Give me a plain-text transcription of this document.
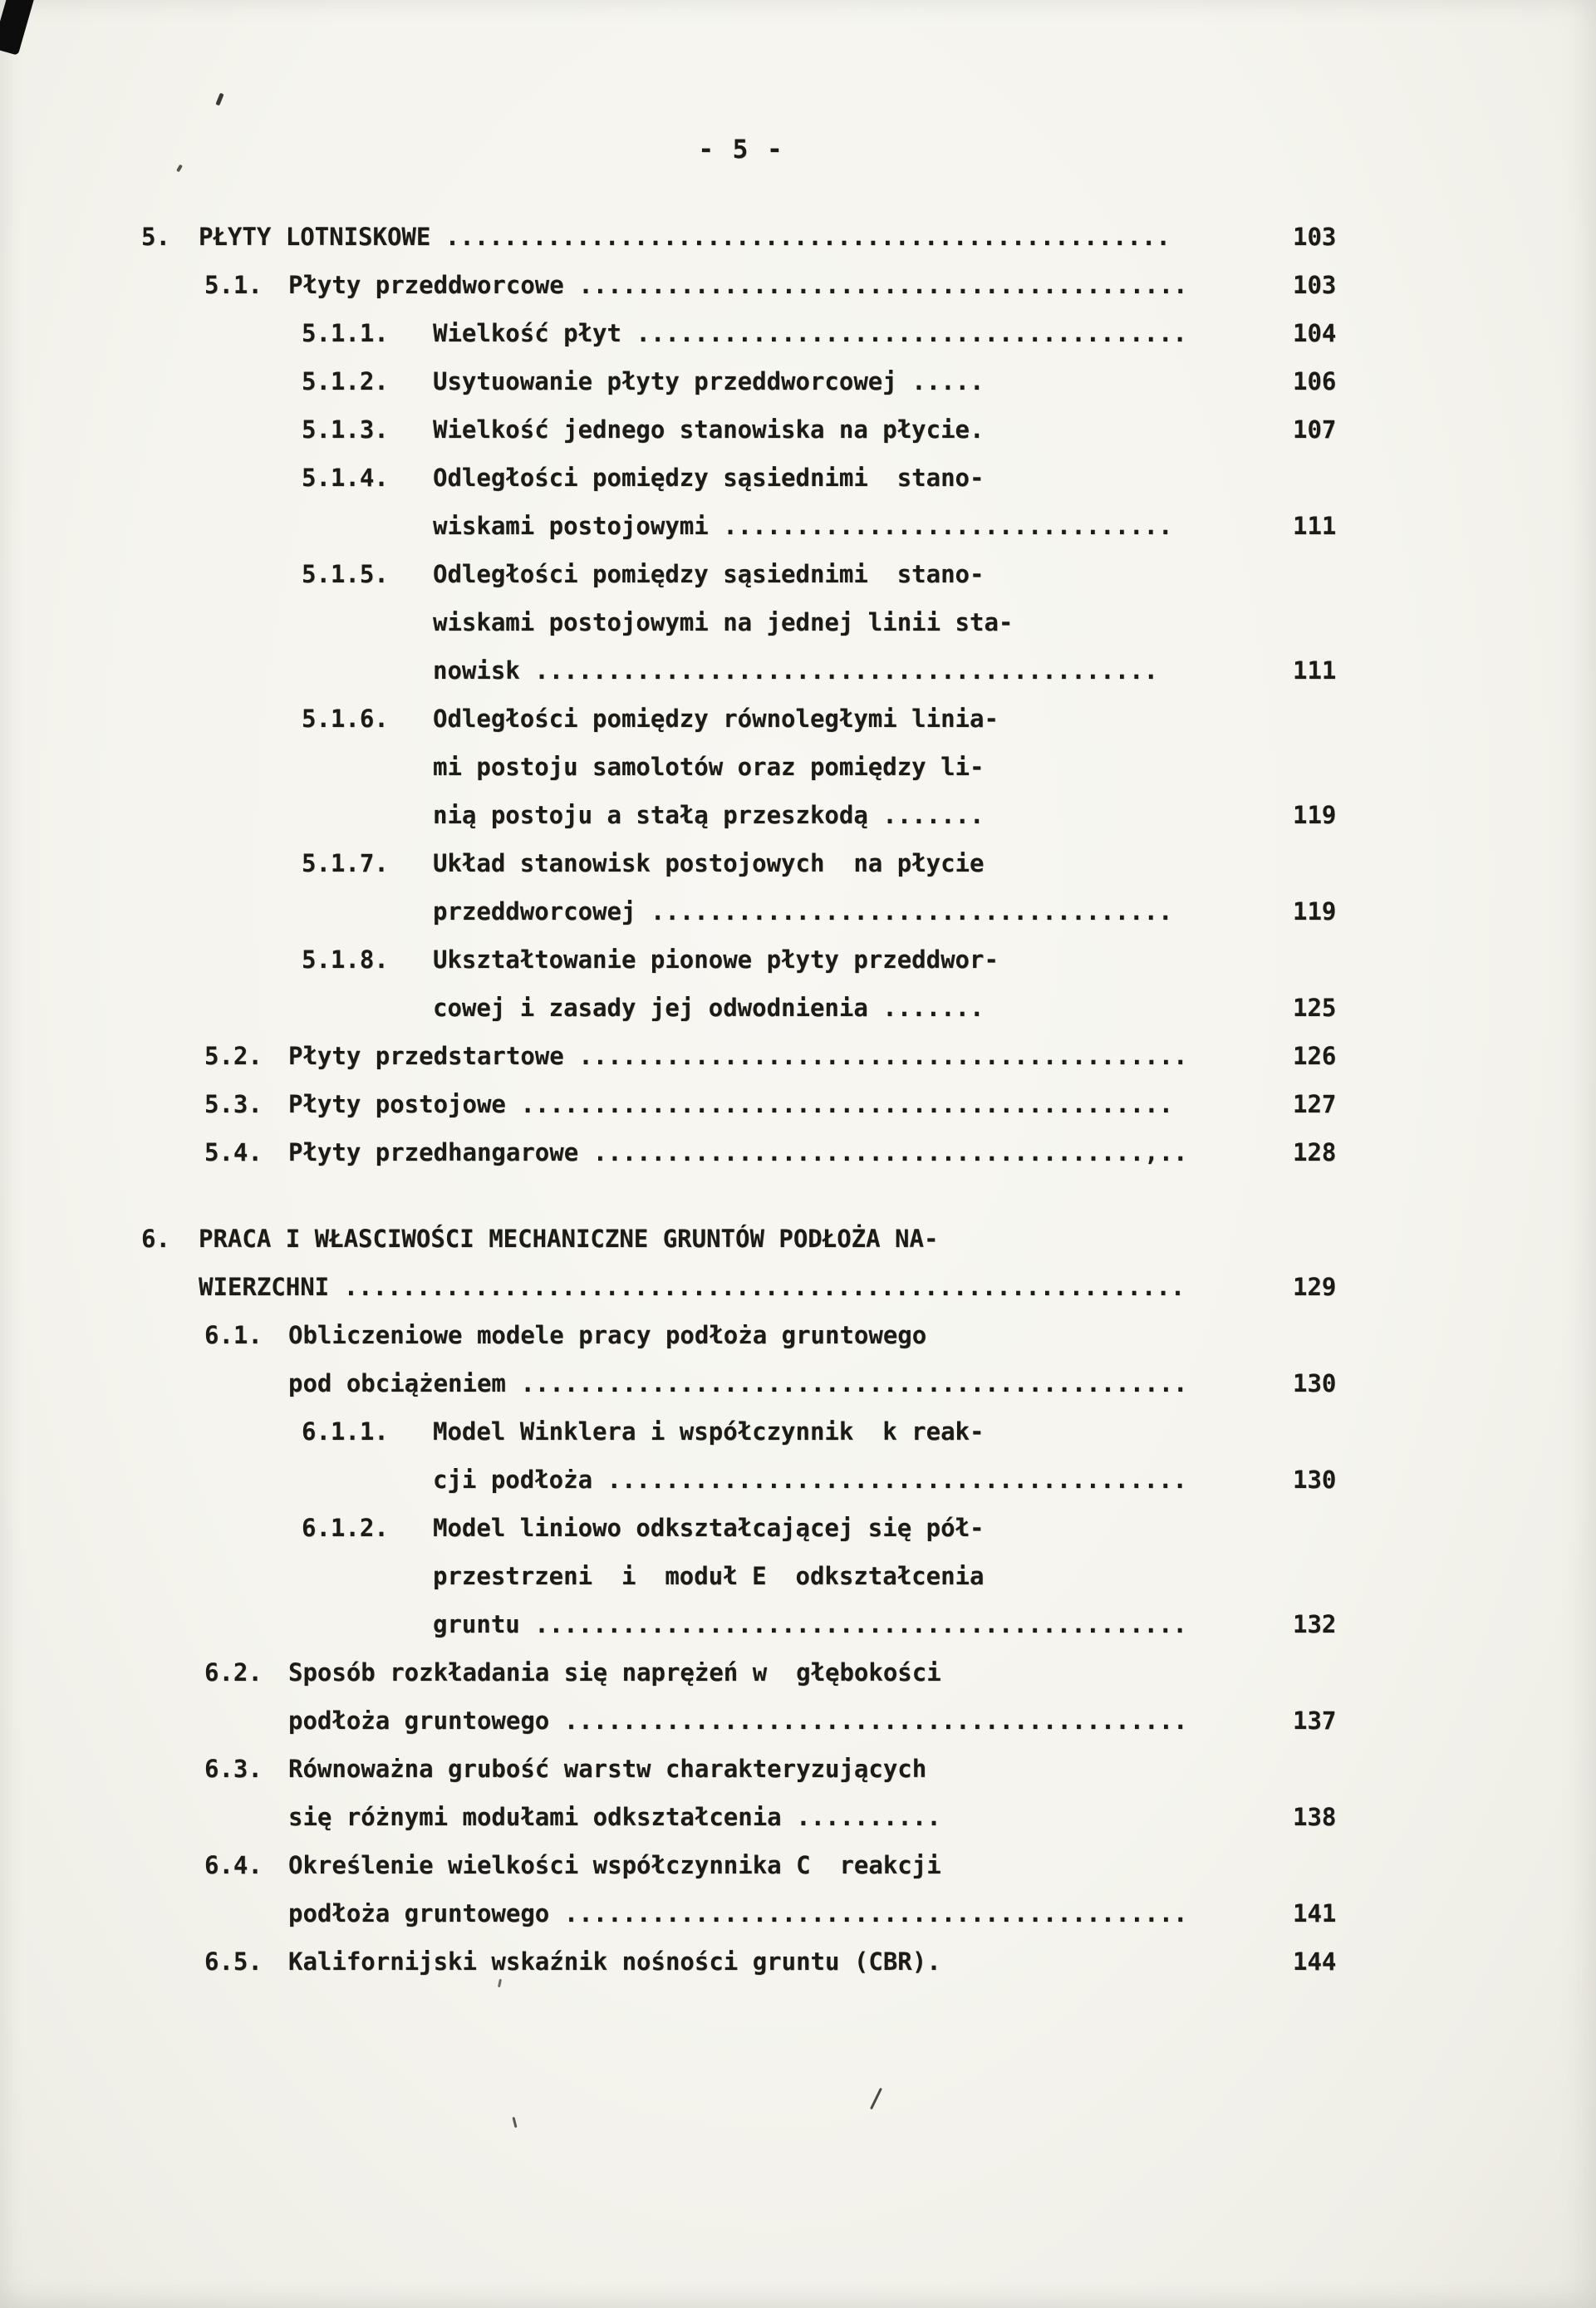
- 5 -
5. PŁYTY LOTNISKOWE ..................................................	103
5.1. Płyty przeddworcowe ..........................................	103
5.1.1. Wielkość płyt ......................................	104
5.1.2. Usytuowanie płyty przeddworcowej .....	106
5.1.3. Wielkość jednego stanowiska na płycie.	107
5.1.4. Odległości pomiędzy sąsiednimi  stano-
wiskami postojowymi ...............................	111
5.1.5. Odległości pomiędzy sąsiednimi  stano-
wiskami postojowymi na jednej linii sta-
nowisk ...........................................	111
5.1.6. Odległości pomiędzy równoległymi linia-
mi postoju samolotów oraz pomiędzy li-
nią postoju a stałą przeszkodą .......	119
5.1.7. Układ stanowisk postojowych  na płycie
przeddworcowej ....................................	119
5.1.8. Ukształtowanie pionowe płyty przeddwor-
cowej i zasady jej odwodnienia .......	125
5.2. Płyty przedstartowe ..........................................	126
5.3. Płyty postojowe .............................................	127
5.4. Płyty przedhangarowe ......................................,..	128
6. PRACA I WŁASCIWOŚCI MECHANICZNE GRUNTÓW PODŁOŻA NA-
WIERZCHNI ..........................................................	129
6.1. Obliczeniowe modele pracy podłoża gruntowego
pod obciążeniem ..............................................	130
6.1.1. Model Winklera i współczynnik  k reak-
cji podłoża ........................................	130
6.1.2. Model liniowo odkształcającej się pół-
przestrzeni  i  moduł E  odkształcenia
gruntu .............................................	132
6.2. Sposób rozkładania się naprężeń w  głębokości
podłoża gruntowego ...........................................	137
6.3. Równoważna grubość warstw charakteryzujących
się różnymi modułami odkształcenia ..........	138
6.4. Określenie wielkości współczynnika C  reakcji
podłoża gruntowego ...........................................	141
6.5. Kalifornijski wskaźnik nośności gruntu (CBR).	144
